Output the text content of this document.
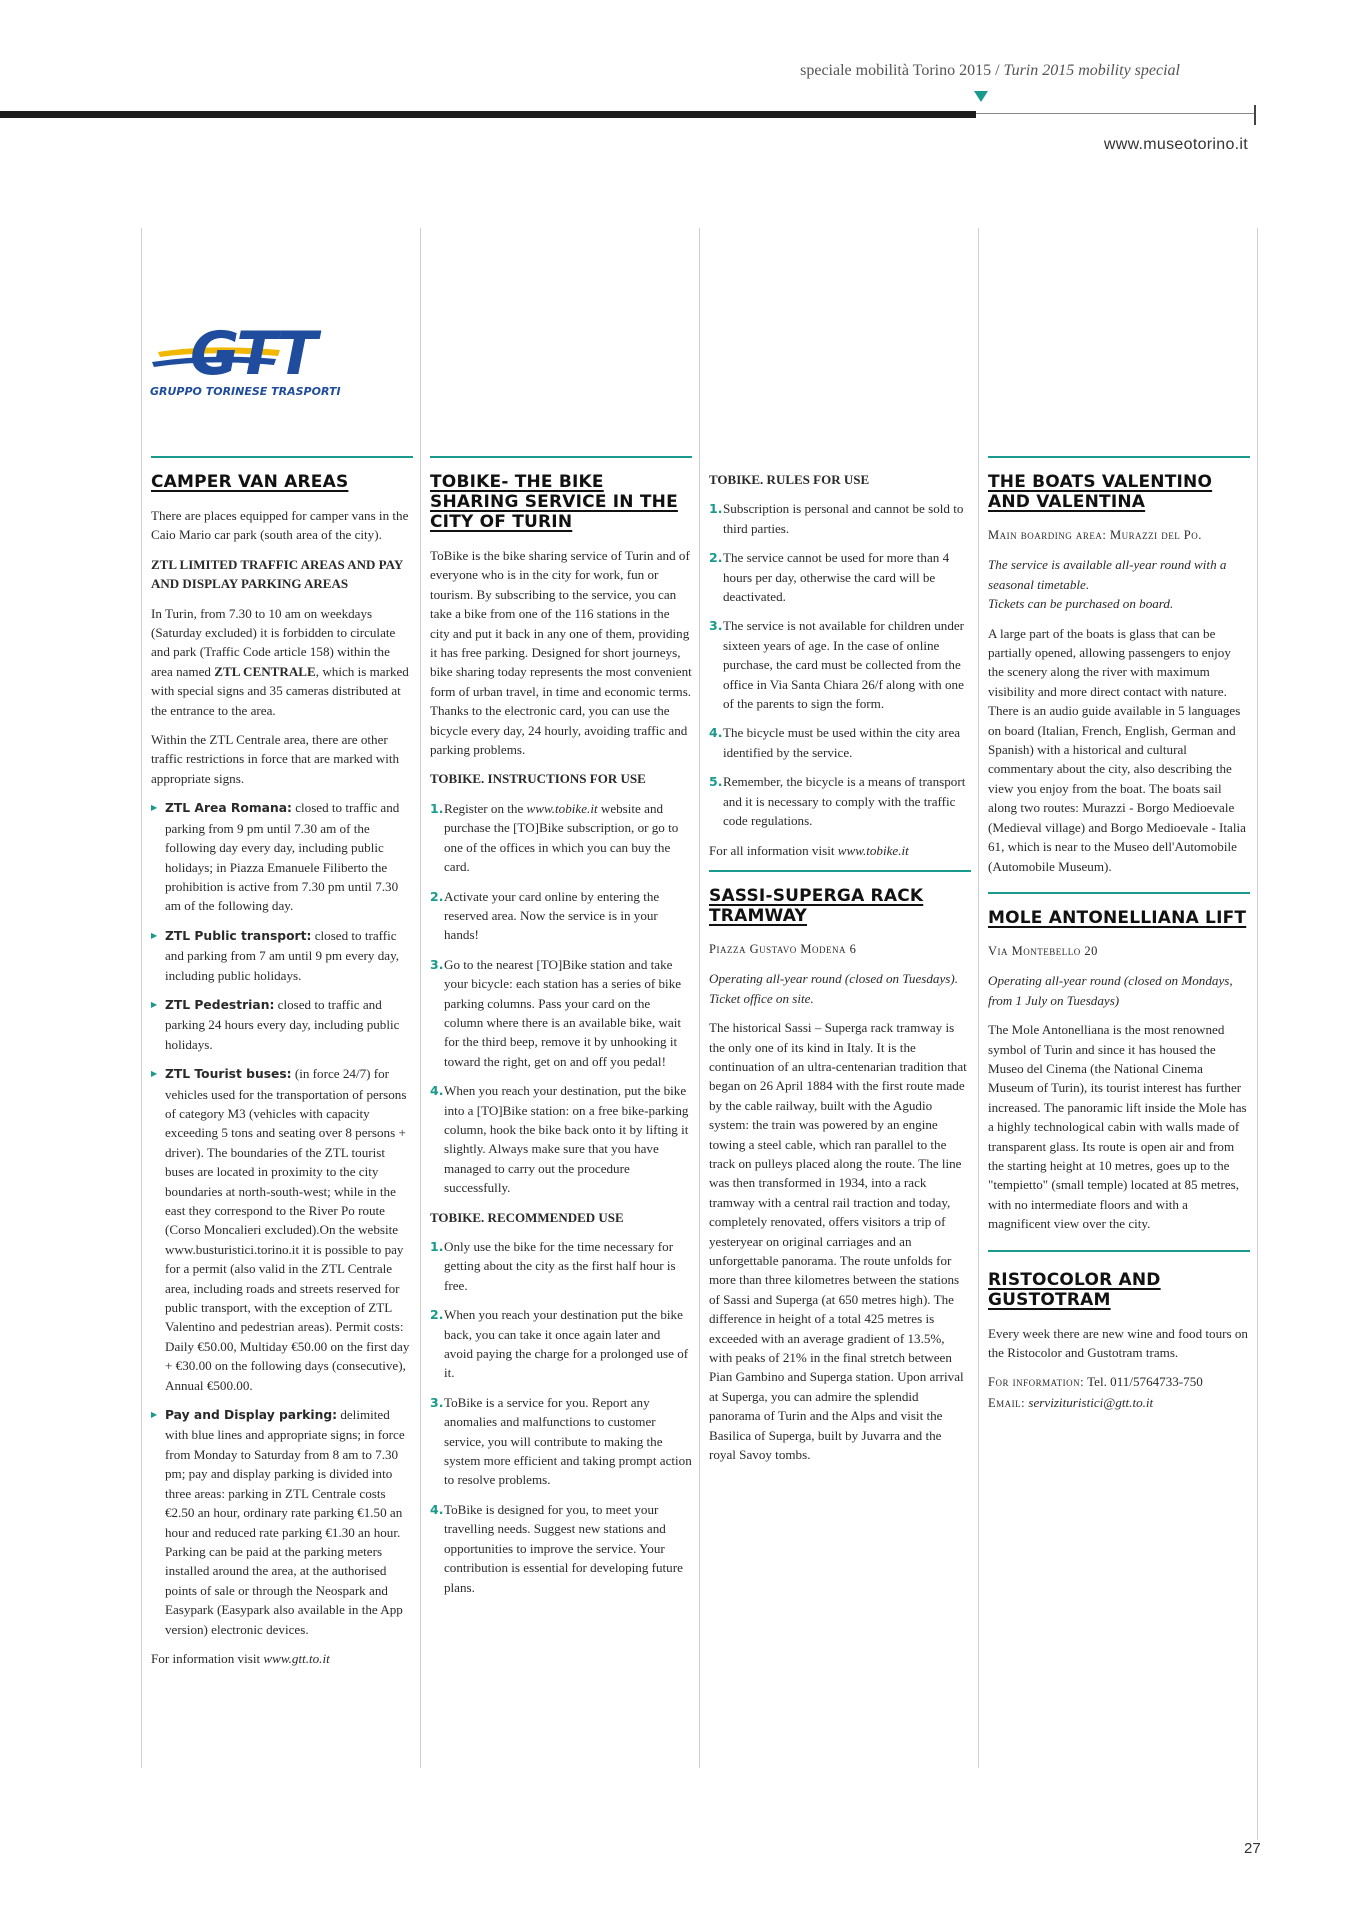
speciale mobilità Torino 2015 / Turin 2015 mobility special
www.museotorino.it
GTT
GRUPPO TORINESE TRASPORTI
CAMPER VAN AREAS

There are places equipped for camper vans in the Caio Mario car park (south area of the city).

ZTL LIMITED TRAFFIC AREAS AND PAY AND DISPLAY PARKING AREAS

In Turin, from 7.30 to 10 am on weekdays (Saturday excluded) it is forbidden to circulate and park (Traffic Code article 158) within the area named ZTL CENTRALE, which is marked with special signs and 35 cameras distributed at the entrance to the area.

Within the ZTL Centrale area, there are other traffic restrictions in force that are marked with appropriate signs.

▶ ZTL Area Romana: closed to traffic and parking from 9 pm until 7.30 am of the following day every day, including public holidays; in Piazza Emanuele Filiberto the prohibition is active from 7.30 pm until 7.30 am of the following day.
▶ ZTL Public transport: closed to traffic and parking from 7 am until 9 pm every day, including public holidays.
▶ ZTL Pedestrian: closed to traffic and parking 24 hours every day, including public holidays.
▶ ZTL Tourist buses: (in force 24/7) for vehicles used for the transportation of persons of category M3 (vehicles with capacity exceeding 5 tons and seating over 8 persons + driver). The boundaries of the ZTL tourist buses are located in proximity to the city boundaries at north-south-west; while in the east they correspond to the River Po route (Corso Moncalieri excluded).On the website www.busturistici.torino.it it is possible to pay for a permit (also valid in the ZTL Centrale area, including roads and streets reserved for public transport, with the exception of ZTL Valentino and pedestrian areas). Permit costs: Daily €50.00, Multiday €50.00 on the first day + €30.00 on the following days (consecutive), Annual €500.00.
▶ Pay and Display parking: delimited with blue lines and appropriate signs; in force from Monday to Saturday from 8 am to 7.30 pm; pay and display parking is divided into three areas: parking in ZTL Centrale costs €2.50 an hour, ordinary rate parking €1.50 an hour and reduced rate parking €1.30 an hour. Parking can be paid at the parking meters installed around the area, at the authorised points of sale or through the Neospark and Easypark (Easypark also available in the App version) electronic devices.

For information visit www.gtt.to.it

TOBIKE- THE BIKE SHARING SERVICE IN THE CITY OF TURIN

ToBike is the bike sharing service of Turin and of everyone who is in the city for work, fun or tourism. By subscribing to the service, you can take a bike from one of the 116 stations in the city and put it back in any one of them, providing it has free parking. Designed for short journeys, bike sharing today represents the most convenient form of urban travel, in time and economic terms. Thanks to the electronic card, you can use the bicycle every day, 24 hourly, avoiding traffic and parking problems.

TOBIKE. INSTRUCTIONS FOR USE

1. Register on the www.tobike.it website and purchase the [TO]Bike subscription, or go to one of the offices in which you can buy the card.
2. Activate your card online by entering the reserved area. Now the service is in your hands!
3. Go to the nearest [TO]Bike station and take your bicycle: each station has a series of bike parking columns. Pass your card on the column where there is an available bike, wait for the third beep, remove it by unhooking it toward the right, get on and off you pedal!
4. When you reach your destination, put the bike into a [TO]Bike station: on a free bike-parking column, hook the bike back onto it by lifting it slightly. Always make sure that you have managed to carry out the procedure successfully.

TOBIKE. RECOMMENDED USE

1. Only use the bike for the time necessary for getting about the city as the first half hour is free.
2. When you reach your destination put the bike back, you can take it once again later and avoid paying the charge for a prolonged use of it.
3. ToBike is a service for you. Report any anomalies and malfunctions to customer service, you will contribute to making the system more efficient and taking prompt action to resolve problems.
4. ToBike is designed for you, to meet your travelling needs. Suggest new stations and opportunities to improve the service. Your contribution is essential for developing future plans.

TOBIKE. RULES FOR USE

1. Subscription is personal and cannot be sold to third parties.
2. The service cannot be used for more than 4 hours per day, otherwise the card will be deactivated.
3. The service is not available for children under sixteen years of age. In the case of online purchase, the card must be collected from the office in Via Santa Chiara 26/f along with one of the parents to sign the form.
4. The bicycle must be used within the city area identified by the service.
5. Remember, the bicycle is a means of transport and it is necessary to comply with the traffic code regulations.

For all information visit www.tobike.it

SASSI-SUPERGA RACK TRAMWAY

Piazza Gustavo Modena 6

Operating all-year round (closed on Tuesdays). Ticket office on site.

The historical Sassi – Superga rack tramway is the only one of its kind in Italy. It is the continuation of an ultra-centenarian tradition that began on 26 April 1884 with the first route made by the cable railway, built with the Agudio system: the train was powered by an engine towing a steel cable, which ran parallel to the track on pulleys placed along the route. The line was then transformed in 1934, into a rack tramway with a central rail traction and today, completely renovated, offers visitors a trip of yesteryear on original carriages and an unforgettable panorama. The route unfolds for more than three kilometres between the stations of Sassi and Superga (at 650 metres high). The difference in height of a total 425 metres is exceeded with an average gradient of 13.5%, with peaks of 21% in the final stretch between Pian Gambino and Superga station. Upon arrival at Superga, you can admire the splendid panorama of Turin and the Alps and visit the Basilica of Superga, built by Juvarra and the royal Savoy tombs.

THE BOATS VALENTINO AND VALENTINA

Main boarding area: Murazzi del Po.

The service is available all-year round with a seasonal timetable.

Tickets can be purchased on board.

A large part of the boats is glass that can be partially opened, allowing passengers to enjoy the scenery along the river with maximum visibility and more direct contact with nature. There is an audio guide available in 5 languages on board (Italian, French, English, German and Spanish) with a historical and cultural commentary about the city, also describing the view you enjoy from the boat. The boats sail along two routes: Murazzi - Borgo Medioevale (Medieval village) and Borgo Medioevale - Italia 61, which is near to the Museo dell'Automobile (Automobile Museum).

MOLE ANTONELLIANA LIFT

Via Montebello 20

Operating all-year round (closed on Mondays, from 1 July on Tuesdays)

The Mole Antonelliana is the most renowned symbol of Turin and since it has housed the Museo del Cinema (the National Cinema Museum of Turin), its tourist interest has further increased. The panoramic lift inside the Mole has a highly technological cabin with walls made of transparent glass. Its route is open air and from the starting height at 10 metres, goes up to the "tempietto" (small temple) located at 85 metres, with no intermediate floors and with a magnificent view over the city.

RISTOCOLOR AND GUSTOTRAM

Every week there are new wine and food tours on the Ristocolor and Gustotram trams.

For information: Tel. 011/5764733-750

Email: servizituristici@gtt.to.it

27
